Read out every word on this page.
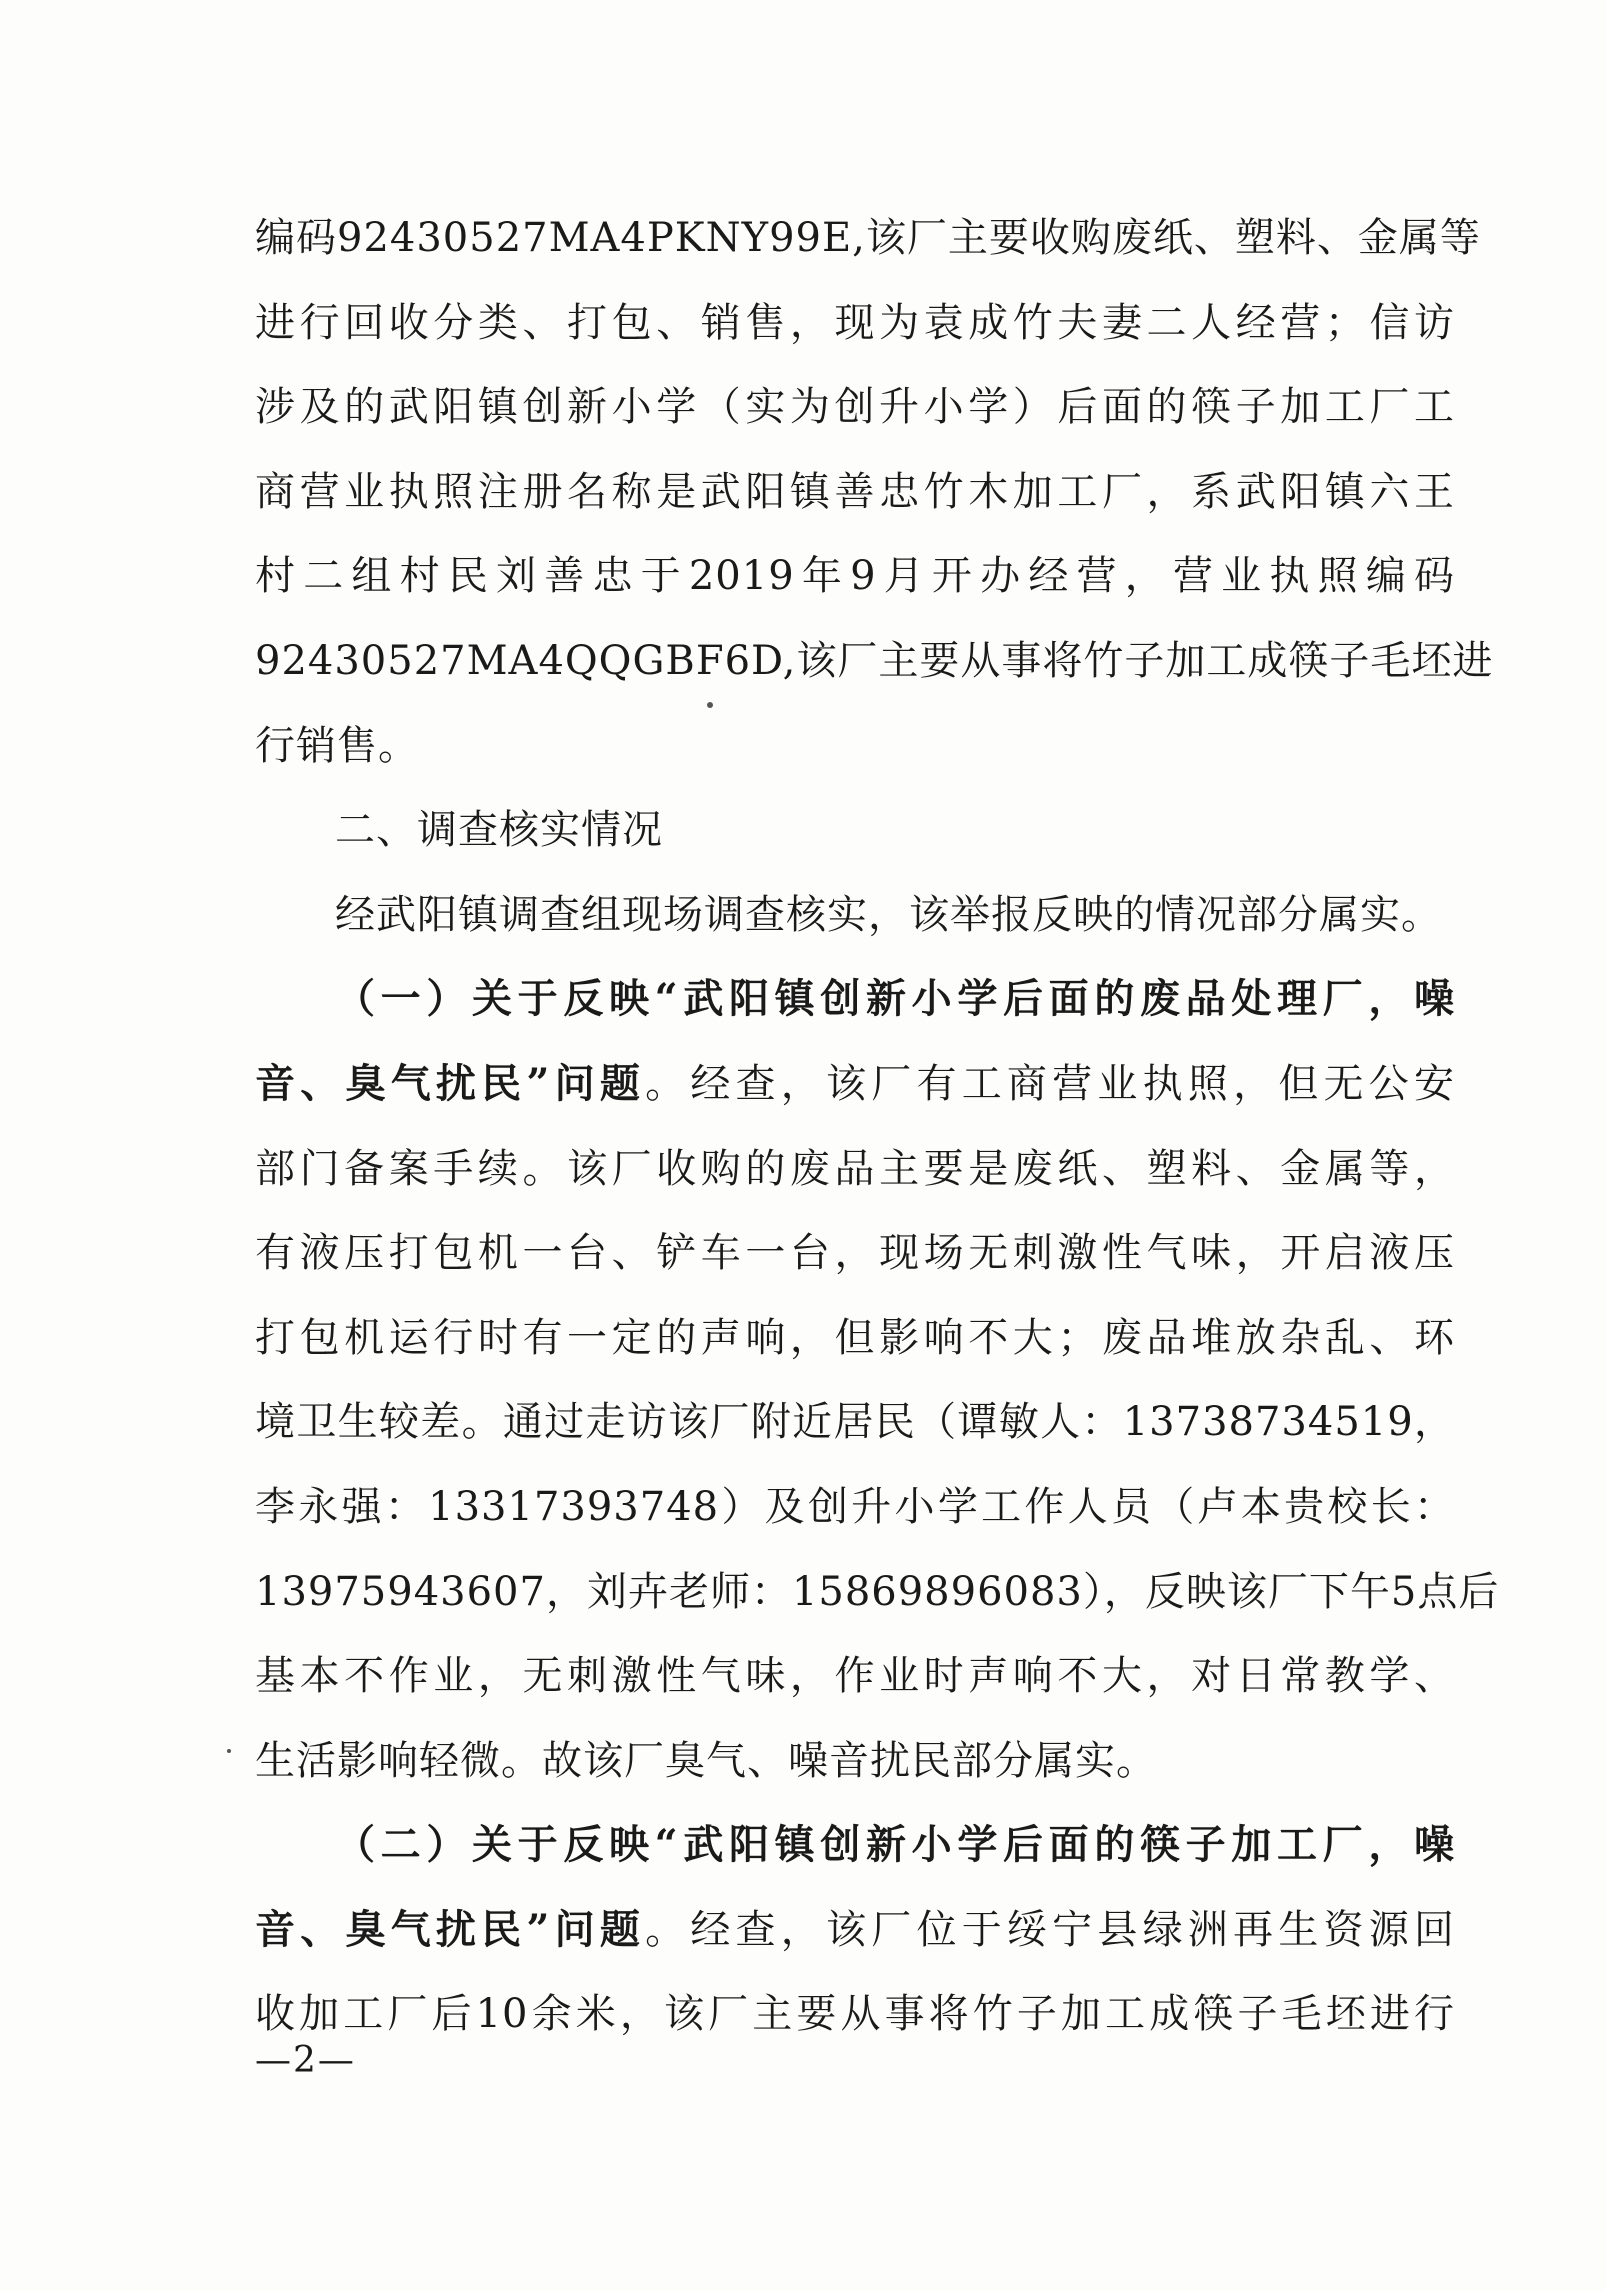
编码92430527MA4PKNY99E,该厂主要收购废纸、塑料、金属等
进行回收分类、打包、销售，现为袁成竹夫妻二人经营；信访
涉及的武阳镇创新小学（实为创升小学）后面的筷子加工厂工
商营业执照注册名称是武阳镇善忠竹木加工厂，系武阳镇六王
村二组村民刘善忠于2019年9月开办经营，营业执照编码
92430527MA4QQGBF6D,该厂主要从事将竹子加工成筷子毛坯进
行销售。
二、调查核实情况
经武阳镇调查组现场调查核实，该举报反映的情况部分属实。
（一）关于反映“武阳镇创新小学后面的废品处理厂，噪
音、臭气扰民”问题。经查，该厂有工商营业执照，但无公安
部门备案手续。该厂收购的废品主要是废纸、塑料、金属等，
有液压打包机一台、铲车一台，现场无刺激性气味，开启液压
打包机运行时有一定的声响，但影响不大；废品堆放杂乱、环
境卫生较差。通过走访该厂附近居民（谭敏人：13738734519，
李永强：13317393748）及创升小学工作人员（卢本贵校长：
13975943607，刘卉老师：15869896083），反映该厂下午5点后
基本不作业，无刺激性气味，作业时声响不大，对日常教学、
生活影响轻微。故该厂臭气、噪音扰民部分属实。
（二）关于反映“武阳镇创新小学后面的筷子加工厂，噪
音、臭气扰民”问题。经查，该厂位于绥宁县绿洲再生资源回
收加工厂后10余米，该厂主要从事将竹子加工成筷子毛坯进行
—2—
